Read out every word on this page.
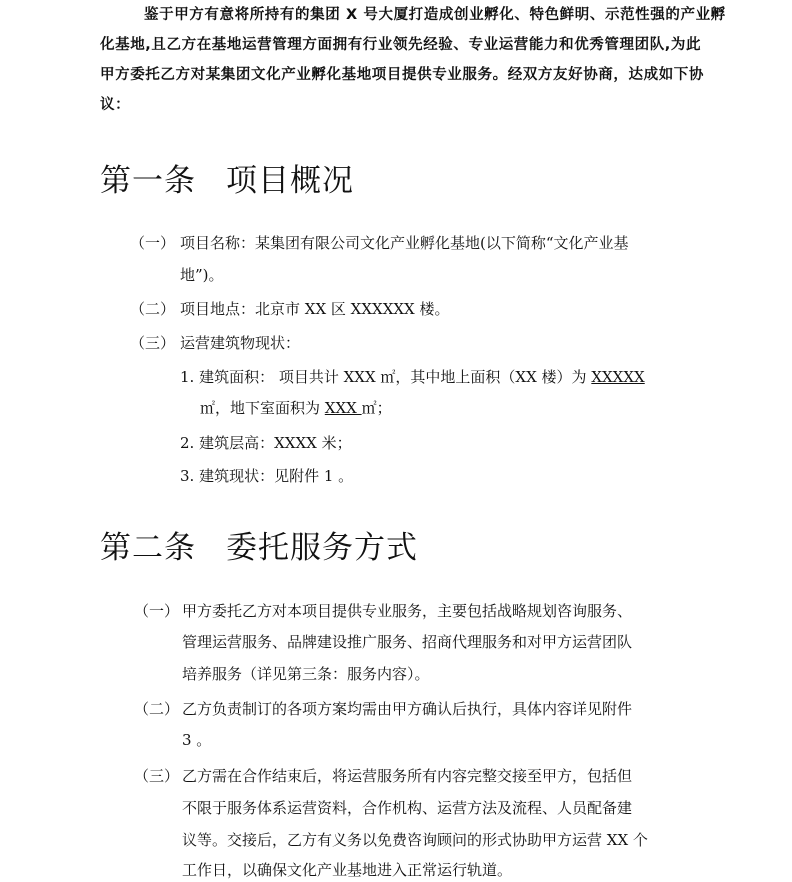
鉴于甲方有意将所持有的集团 X 号大厦打造成创业孵化、特色鲜明、示范性强的产业孵
化基地,且乙方在基地运营管理方面拥有行业领先经验、专业运营能力和优秀管理团队,为此
甲方委托乙方对某集团文化产业孵化基地项目提供专业服务。经双方友好协商，达成如下协
议：
第一条 项目概况
（一） 项目名称：某集团有限公司文化产业孵化基地(以下简称“文化产业基
地”)。
（二） 项目地点：北京市 XX 区 XXXXXX 楼。
（三） 运营建筑物现状：
1. 建筑面积： 项目共计 XXX ㎡，其中地上面积（XX 楼）为 XXXXX
㎡，地下室面积为 XXX ㎡；
2. 建筑层高：XXXX 米；
3. 建筑现状：见附件 1 。
第二条 委托服务方式
（一） 甲方委托乙方对本项目提供专业服务，主要包括战略规划咨询服务、
管理运营服务、品牌建设推广服务、招商代理服务和对甲方运营团队
培养服务（详见第三条：服务内容）。
（二） 乙方负责制订的各项方案均需由甲方确认后执行，具体内容详见附件
3 。
（三） 乙方需在合作结束后，将运营服务所有内容完整交接至甲方，包括但
不限于服务体系运营资料，合作机构、运营方法及流程、人员配备建
议等。交接后，乙方有义务以免费咨询顾问的形式协助甲方运营 XX 个
工作日，以确保文化产业基地进入正常运行轨道。
